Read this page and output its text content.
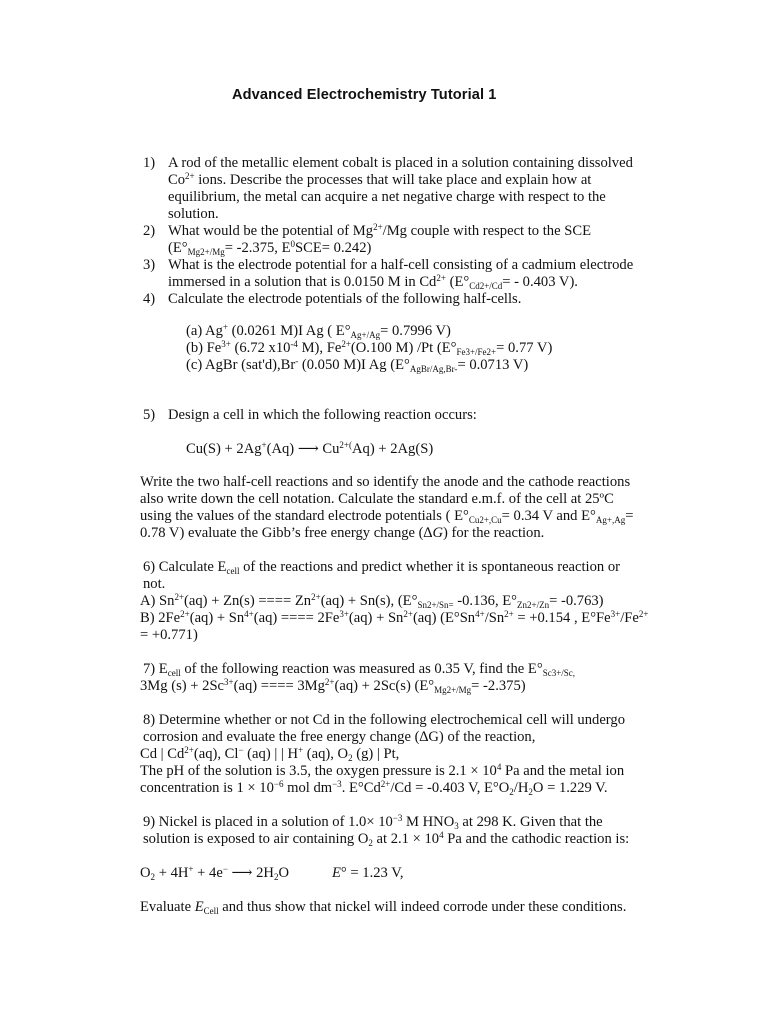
Advanced Electrochemistry Tutorial 1
1) A rod of the metallic element cobalt is placed in a solution containing dissolved
$Co^{2+}$ ions. Describe the processes that will take place and explain how at
equilibrium, the metal can acquire a net negative charge with respect to the
solution.
2) What would be the potential of $Mg^{2+}/Mg$ couple with respect to the SCE
($E^\circ_{Mg2+/Mg}= -2.375$, $E^0SCE= 0.242$)
3) What is the electrode potential for a half-cell consisting of a cadmium electrode
immersed in a solution that is 0.0150 M in $Cd^{2+}$ ($E^\circ_{Cd2+/Cd}= - 0.403$ V).
4) Calculate the electrode potentials of the following half-cells.
(a) Ag+ (0.0261 M)I Ag ( $E^\circ_{Ag+/Ag}= 0.7996$ V)
(b) $Fe^{3+}$ (6.72 $x10^{-4}$ M), $Fe^{2+}(O.100$ M) /Pt ($E^\circ_{Fe3+/Fe2+}= 0.77$ V)
(c) AgBr (sat'd),Br- (0.050 M)I Ag ($E^\circ_{AgBr/Ag,Br-}= 0.0713$ V)
5) Design a cell in which the following reaction occurs:
Cu(S) + 2Ag+(Aq) ⟶ $Cu^{2+(}Aq) + 2Ag(S)$
Write the two half-cell reactions and so identify the anode and the cathode reactions
also write down the cell notation. Calculate the standard e.m.f. of the cell at 25ºC
using the values of the standard electrode potentials ( $E^\circ_{Cu2+,Cu}= 0.34$ V and $E^\circ_{Ag+,Ag}=$
0.78 V) evaluate the Gibb’s free energy change (∆G) for the reaction.
6) Calculate $E_{cell}$ of the reactions and predict whether it is spontaneous reaction or
not.
A) $Sn^{2+}(aq) + Zn(s)$ ==== $Zn^{2+}(aq) + Sn(s)$, ($E^\circ_{Sn2+/Sn=}$ -0.136, $E^\circ_{Zn2+/Zn}= -0.763$)
B) $2Fe^{2+}(aq) + Sn^{4+}(aq)$ ==== $2Fe^{3+}(aq) + Sn^{2+}(aq) (E^\circ Sn^{4+}/Sn^{2+} = +0.154$ , $E^\circ Fe^{3+}/Fe^{2+}$
= +0.771)
7) $E_{cell}$ of the following reaction was measured as 0.35 V, find the $E^\circ_{Sc3+/Sc,}$
3Mg $(s) + 2Sc^{3+}(aq)$ ==== $3Mg^{2+}(aq) + 2Sc(s)$ $(E^\circ_{Mg2+/Mg}= -2.375)$
8) Determine whether or not Cd in the following electrochemical cell will undergo
corrosion and evaluate the free energy change (∆G) of the reaction,
Cd | $Cd^{2+}(aq)$, Cl− (aq) | | H+ (aq), $O_2$ (g) | Pt,
The pH of the solution is 3.5, the oxygen pressure is $2.1 \times 10^4$ Pa and the metal ion
concentration is $1 \times 10^{-6}$ mol $dm^{-3}$. $E^\circ Cd^{2+}/Cd = -0.403$ V, $E^\circ O_2/H_2O = 1.229$ V.
9) Nickel is placed in a solution of $1.0\times 10^{-3}$ M $HNO_3$ at 298 K. Given that the
solution is exposed to air containing $O_2$ at $2.1 \times 10^4$ Pa and the cathodic reaction is:
$O_2 + 4H^+ + 4e^-$ ⟶ $2H_2O$	E° = 1.23 V,
Evaluate $E_{Cell}$ and thus show that nickel will indeed corrode under these conditions.
